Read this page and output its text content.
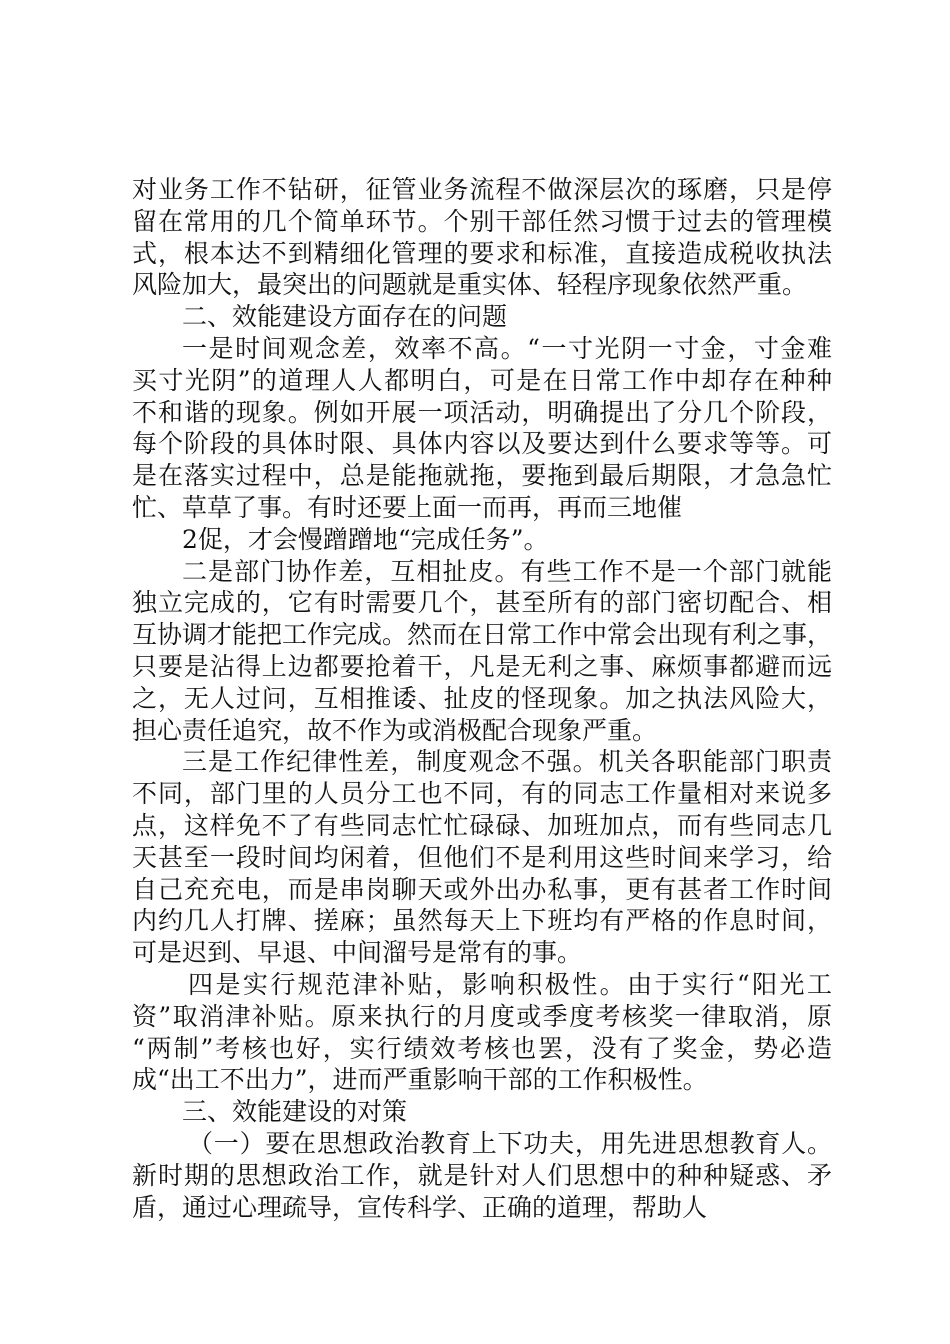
对业务工作不钻研，征管业务流程不做深层次的琢磨，只是停
留在常用的几个简单环节。个别干部任然习惯于过去的管理模
式，根本达不到精细化管理的要求和标准，直接造成税收执法
风险加大，最突出的问题就是重实体、轻程序现象依然严重。
二、效能建设方面存在的问题
一是时间观念差，效率不高。“一寸光阴一寸金，寸金难
买寸光阴”的道理人人都明白，可是在日常工作中却存在种种
不和谐的现象。例如开展一项活动，明确提出了分几个阶段，
每个阶段的具体时限、具体内容以及要达到什么要求等等。可
是在落实过程中，总是能拖就拖，要拖到最后期限，才急急忙
忙、草草了事。有时还要上面一而再，再而三地催
2促，才会慢蹭蹭地“完成任务”。
二是部门协作差，互相扯皮。有些工作不是一个部门就能
独立完成的，它有时需要几个，甚至所有的部门密切配合、相
互协调才能把工作完成。然而在日常工作中常会出现有利之事，
只要是沾得上边都要抢着干，凡是无利之事、麻烦事都避而远
之，无人过问，互相推诿、扯皮的怪现象。加之执法风险大，
担心责任追究，故不作为或消极配合现象严重。
三是工作纪律性差，制度观念不强。机关各职能部门职责
不同，部门里的人员分工也不同，有的同志工作量相对来说多
点，这样免不了有些同志忙忙碌碌、加班加点，而有些同志几
天甚至一段时间均闲着，但他们不是利用这些时间来学习，给
自己充充电，而是串岗聊天或外出办私事，更有甚者工作时间
内约几人打牌、搓麻；虽然每天上下班均有严格的作息时间，
可是迟到、早退、中间溜号是常有的事。
四是实行规范津补贴，影响积极性。由于实行“阳光工
资”取消津补贴。原来执行的月度或季度考核奖一律取消，原
“两制”考核也好，实行绩效考核也罢，没有了奖金，势必造
成“出工不出力”，进而严重影响干部的工作积极性。
三、效能建设的对策
（一）要在思想政治教育上下功夫，用先进思想教育人。
新时期的思想政治工作，就是针对人们思想中的种种疑惑、矛
盾，通过心理疏导，宣传科学、正确的道理，帮助人
